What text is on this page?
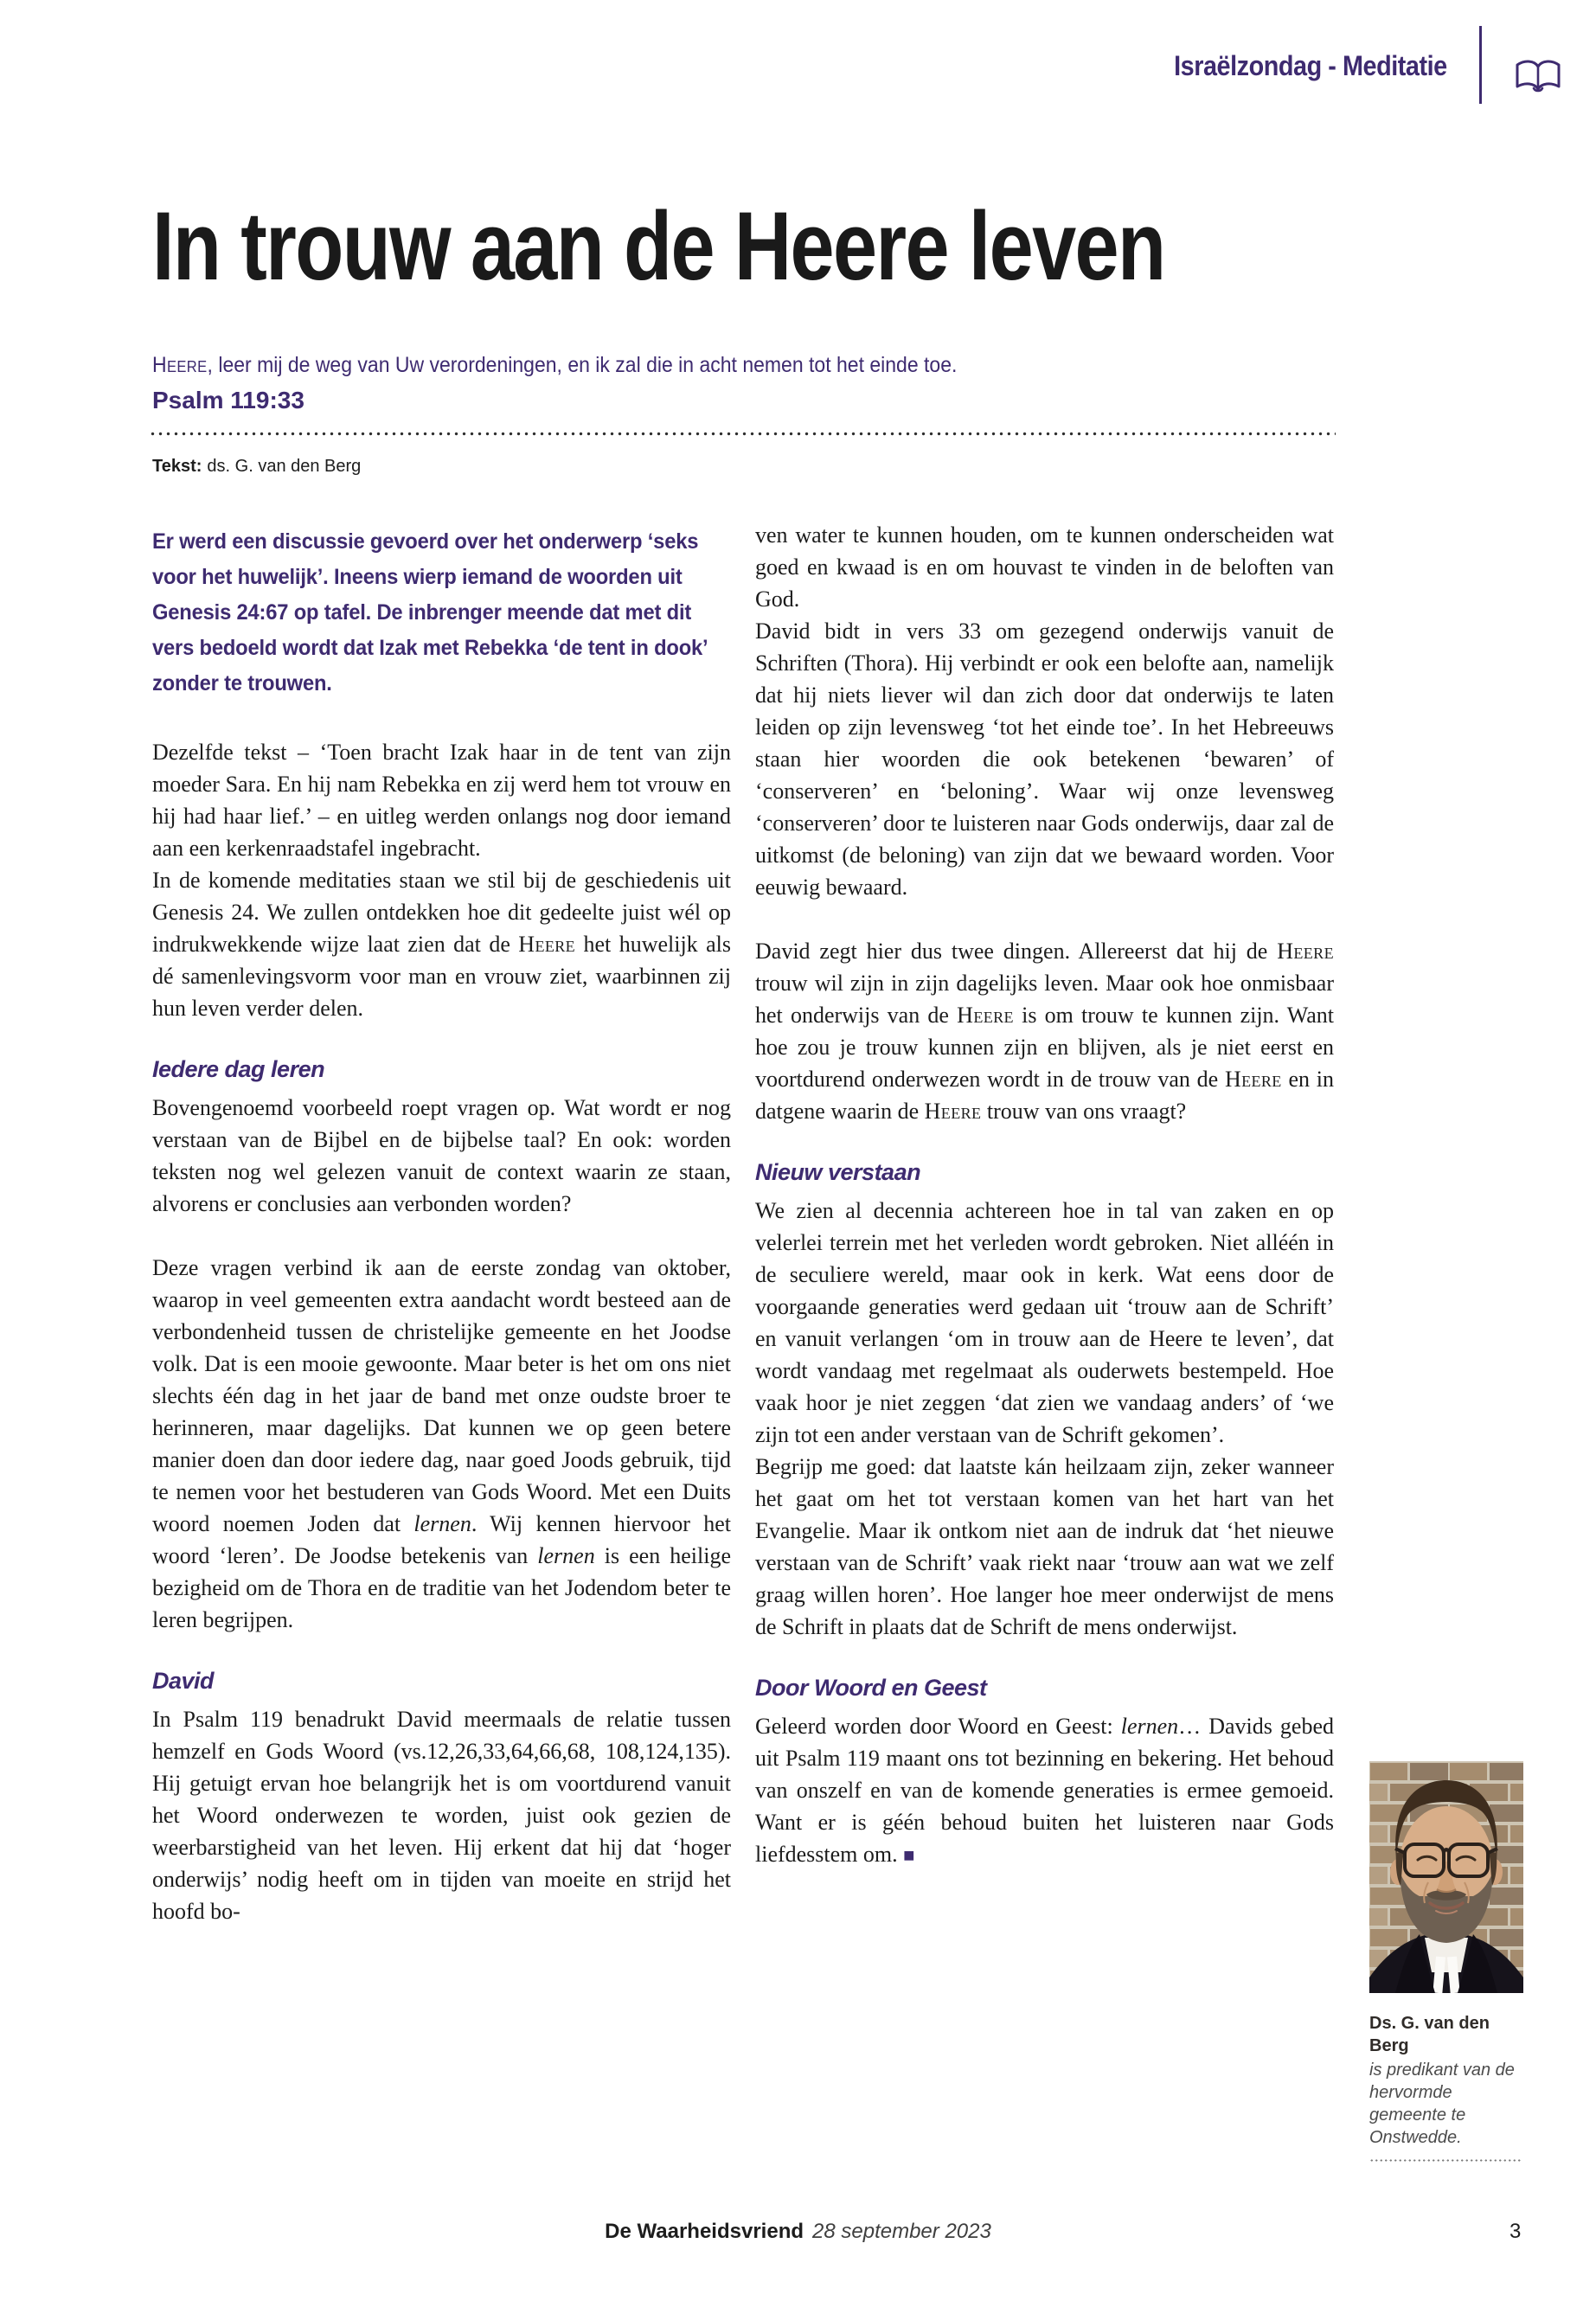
Israëlzondag - Meditatie
In trouw aan de Heere leven
Heere, leer mij de weg van Uw verordeningen, en ik zal die in acht nemen tot het einde toe.
Psalm 119:33
Tekst: ds. G. van den Berg
Er werd een discussie gevoerd over het onderwerp ‘seks voor het huwelijk’. Ineens wierp iemand de woorden uit Genesis 24:67 op tafel. De inbrenger meende dat met dit vers bedoeld wordt dat Izak met Rebekka ‘de tent in dook’ zonder te trouwen.

Dezelfde tekst – ‘Toen bracht Izak haar in de tent van zijn moeder Sara. En hij nam Rebekka en zij werd hem tot vrouw en hij had haar lief.’ – en uitleg werden onlangs nog door iemand aan een kerkenraadstafel ingebracht.

In de komende meditaties staan we stil bij de geschiedenis uit Genesis 24. We zullen ontdekken hoe dit gedeelte juist wél op indrukwekkende wijze laat zien dat de Heere het huwelijk als dé samenlevingsvorm voor man en vrouw ziet, waarbinnen zij hun leven verder delen.

Iedere dag leren

Bovengenoemd voorbeeld roept vragen op. Wat wordt er nog verstaan van de Bijbel en de bijbelse taal? En ook: worden teksten nog wel gelezen vanuit de context waarin ze staan, alvorens er conclusies aan verbonden worden?

Deze vragen verbind ik aan de eerste zondag van oktober, waarop in veel gemeenten extra aandacht wordt besteed aan de verbondenheid tussen de christelijke gemeente en het Joodse volk. Dat is een mooie gewoonte. Maar beter is het om ons niet slechts één dag in het jaar de band met onze oudste broer te herinneren, maar dagelijks. Dat kunnen we op geen betere manier doen dan door iedere dag, naar goed Joods gebruik, tijd te nemen voor het bestuderen van Gods Woord. Met een Duits woord noemen Joden dat lernen. Wij kennen hiervoor het woord ‘leren’. De Joodse betekenis van lernen is een heilige bezigheid om de Thora en de traditie van het Jodendom beter te leren begrijpen.

David

In Psalm 119 benadrukt David meermaals de relatie tussen hemzelf en Gods Woord (vs.12,26,33,64,66,68, 108,124,135). Hij getuigt ervan hoe belangrijk het is om voortdurend vanuit het Woord onderwezen te worden, juist ook gezien de weerbarstigheid van het leven. Hij erkent dat hij dat ‘hoger onderwijs’ nodig heeft om in tijden van moeite en strijd het hoofd bo-

ven water te kunnen houden, om te kunnen onderscheiden wat goed en kwaad is en om houvast te vinden in de beloften van God.

David bidt in vers 33 om gezegend onderwijs vanuit de Schriften (Thora). Hij verbindt er ook een belofte aan, namelijk dat hij niets liever wil dan zich door dat onderwijs te laten leiden op zijn levensweg ‘tot het einde toe’. In het Hebreeuws staan hier woorden die ook betekenen ‘bewaren’ of ‘conserveren’ en ‘beloning’. Waar wij onze levensweg ‘conserveren’ door te luisteren naar Gods onderwijs, daar zal de uitkomst (de beloning) van zijn dat we bewaard worden. Voor eeuwig bewaard.

David zegt hier dus twee dingen. Allereerst dat hij de Heere trouw wil zijn in zijn dagelijks leven. Maar ook hoe onmisbaar het onderwijs van de Heere is om trouw te kunnen zijn. Want hoe zou je trouw kunnen zijn en blijven, als je niet eerst en voortdurend onderwezen wordt in de trouw van de Heere en in datgene waarin de Heere trouw van ons vraagt?

Nieuw verstaan

We zien al decennia achtereen hoe in tal van zaken en op velerlei terrein met het verleden wordt gebroken. Niet alléén in de seculiere wereld, maar ook in kerk. Wat eens door de voorgaande generaties werd gedaan uit ‘trouw aan de Schrift’ en vanuit verlangen ‘om in trouw aan de Heere te leven’, dat wordt vandaag met regelmaat als ouderwets bestempeld. Hoe vaak hoor je niet zeggen ‘dat zien we vandaag anders’ of ‘we zijn tot een ander verstaan van de Schrift gekomen’.

Begrijp me goed: dat laatste kán heilzaam zijn, zeker wanneer het gaat om het tot verstaan komen van het hart van het Evangelie. Maar ik ontkom niet aan de indruk dat ‘het nieuwe verstaan van de Schrift’ vaak riekt naar ‘trouw aan wat we zelf graag willen horen’. Hoe langer hoe meer onderwijst de mens de Schrift in plaats dat de Schrift de mens onderwijst.

Door Woord en Geest

Geleerd worden door Woord en Geest: lernen… Davids gebed uit Psalm 119 maant ons tot bezinning en bekering. Het behoud van onszelf en van de komende generaties is ermee gemoeid. Want er is géén behoud buiten het luisteren naar Gods liefdesstem om. ■

Ds. G. van den Berg
is predikant van de hervormde gemeente te Onstwedde.
De Waarheidsvriend 28 september 2023	3
